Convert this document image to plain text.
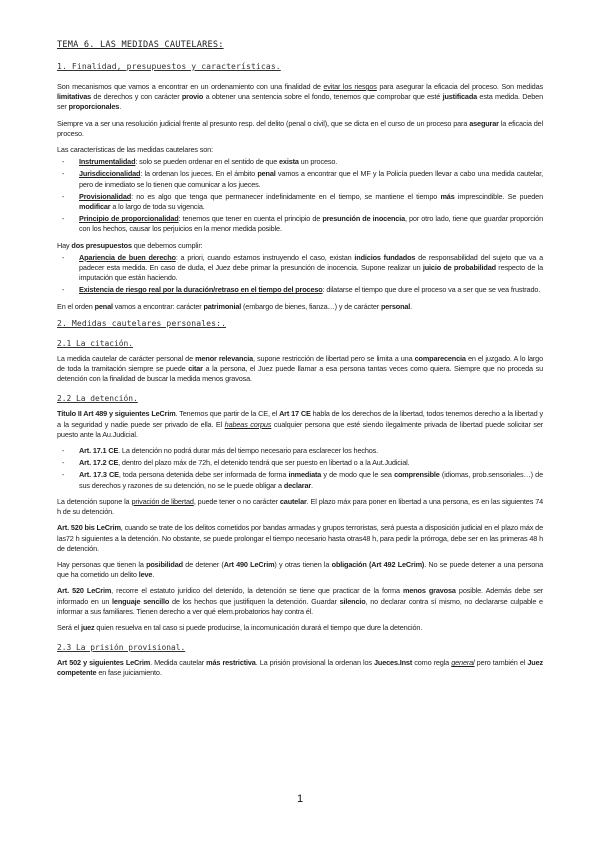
TEMA 6. LAS MEDIDAS CAUTELARES:
1. Finalidad, presupuestos y características.

Son mecanismos que vamos a encontrar en un ordenamiento con una finalidad de evitar los riesgos para asegurar la eficacia del proceso. Son medidas limitativas de derechos y con carácter provio a obtener una sentencia sobre el fondo, tenemos que comprobar que esté justificada esta medida. Deben ser proporcionales.

Siempre va a ser una resolución judicial frente al presunto resp. del delito (penal o civil), que se dicta en el curso de un proceso para asegurar la eficacia del proceso.

Las características de las medidas cautelares son:

- Instrumentalidad: solo se pueden ordenar en el sentido de que exista un proceso.
- Jurisdiccionalidad: la ordenan los jueces. En el ámbito penal vamos a encontrar que el MF y la Policía pueden llevar a cabo una medida cautelar, pero de inmediato se lo tienen que comunicar a los jueces.
- Provisionalidad: no es algo que tenga que permanecer indefinidamente en el tiempo, se mantiene el tiempo más imprescindible. Se pueden modificar a lo largo de toda su vigencia.
- Principio de proporcionalidad: tenemos que tener en cuenta el principio de presunción de inocencia, por otro lado, tiene que guardar proporción con los hechos, causar los perjuicios en la menor medida posible.

Hay dos presupuestos que debemos cumplir:

- Apariencia de buen derecho: a priori, cuando estamos instruyendo el caso, existan indicios fundados de responsabilidad del sujeto que va a padecer esta medida. En caso de duda, el Juez debe primar la presunción de inocencia. Supone realizar un juicio de probabilidad respecto de la imputación que están haciendo.
- Existencia de riesgo real por la duración/retraso en el tiempo del proceso: dilatarse el tiempo que dure el proceso va a ser que se vea frustrado.

En el orden penal vamos a encontrar: carácter patrimonial (embargo de bienes, fianza…) y de carácter personal.

2. Medidas cautelares personales:.
2.1 La citación.

La medida cautelar de carácter personal de menor relevancia, supone restricción de libertad pero se limita a una comparecencia en el juzgado. A lo largo de toda la tramitación siempre se puede citar a la persona, el Juez puede llamar a esa persona tantas veces como quiera. Siempre que no proceda su detención con la finalidad de buscar la medida menos gravosa.

2.2 La detención.

Título II Art 489 y siguientes LeCrim. Tenemos que partir de la CE, el Art 17 CE habla de los derechos de la libertad, todos tenemos derecho a la libertad y a la seguridad y nadie puede ser privado de ella. El habeas corpus cualquier persona que esté siendo ilegalmente privada de libertad puede solicitar ser puesto ante la Au.Judicial.

- Art. 17.1 CE. La detención no podrá durar más del tiempo necesario para esclarecer los hechos.
- Art. 17.2 CE, dentro del plazo máx de 72h, el detenido tendrá que ser puesto en libertad o a la Aut.Judicial.
- Art. 17.3 CE, toda persona detenida debe ser informada de forma inmediata y de modo que le sea comprensible (idiomas, prob.sensoriales…) de sus derechos y razones de su detención, no se le puede obligar a declarar.

La detención supone la privación de libertad, puede tener o no carácter cautelar. El plazo máx para poner en libertad a una persona, es en las siguientes 74 h de su detención.

Art. 520 bis LeCrim, cuando se trate de los delitos cometidos por bandas armadas y grupos terroristas, será puesta a disposición judicial en el plazo máx de las72 h siguientes a la detención. No obstante, se puede prolongar el tiempo necesario hasta otras48 h, para pedir la prórroga, debe ser en las primeras 48 h de detención.

Hay personas que tienen la posibilidad de detener (Art 490 LeCrim) y otras tienen la obligación (Art 492 LeCrim). No se puede detener a una persona que ha cometido un delito leve.

Art. 520 LeCrim, recorre el estatuto jurídico del detenido, la detención se tiene que practicar de la forma menos gravosa posible. Además debe ser informado en un lenguaje sencillo de los hechos que justifiquen la detención. Guardar silencio, no declarar contra sí mismo, no declararse culpable e informar a sus familiares. Tienen derecho a ver qué elem.probatorios hay contra él.

Será el juez quien resuelva en tal caso si puede producirse, la incomunicación durará el tiempo que dure la detención.

2.3 La prisión provisional.

Art 502 y siguientes LeCrim. Medida cautelar más restrictiva. La prisión provisional la ordenan los Jueces.Inst como regla general pero también el Juez competente en fase juiciamiento.

1
